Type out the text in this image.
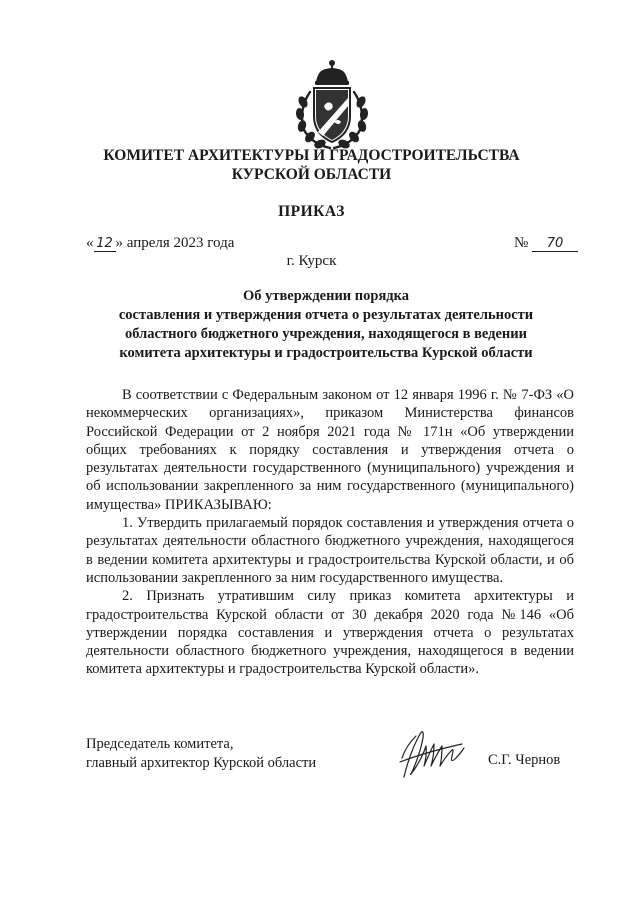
КОМИТЕТ АРХИТЕКТУРЫ И ГРАДОСТРОИТЕЛЬСТВА
КУРСКОЙ ОБЛАСТИ
ПРИКАЗ
« 12 » апреля 2023 года	№ 70
г. Курск
Об утверждении порядка
составления и утверждения отчета о результатах деятельности
областного бюджетного учреждения, находящегося в ведении
комитета архитектуры и градостроительства Курской области

В соответствии с Федеральным законом от 12 января 1996 г. № 7-ФЗ «О некоммерческих организациях», приказом Министерства финансов Российской Федерации от 2 ноября 2021 года № 171н «Об утверждении общих требованиях к порядку составления и утверждения отчета о результатах деятельности государственного (муниципального) учреждения и об использовании закрепленного за ним государственного (муниципального) имущества» ПРИКАЗЫВАЮ:

1. Утвердить прилагаемый порядок составления и утверждения отчета о результатах деятельности областного бюджетного учреждения, находящегося в ведении комитета архитектуры и градостроительства Курской области, и об использовании закрепленного за ним государственного имущества.

2. Признать утратившим силу приказ комитета архитектуры и градостроительства Курской области от 30 декабря 2020 года №146 «Об утверждении порядка составления и утверждения отчета о результатах деятельности областного бюджетного учреждения, находящегося в ведении комитета архитектуры и градостроительства Курской области».

Председатель комитета,
главный архитектор Курской области	С.Г. Чернов
